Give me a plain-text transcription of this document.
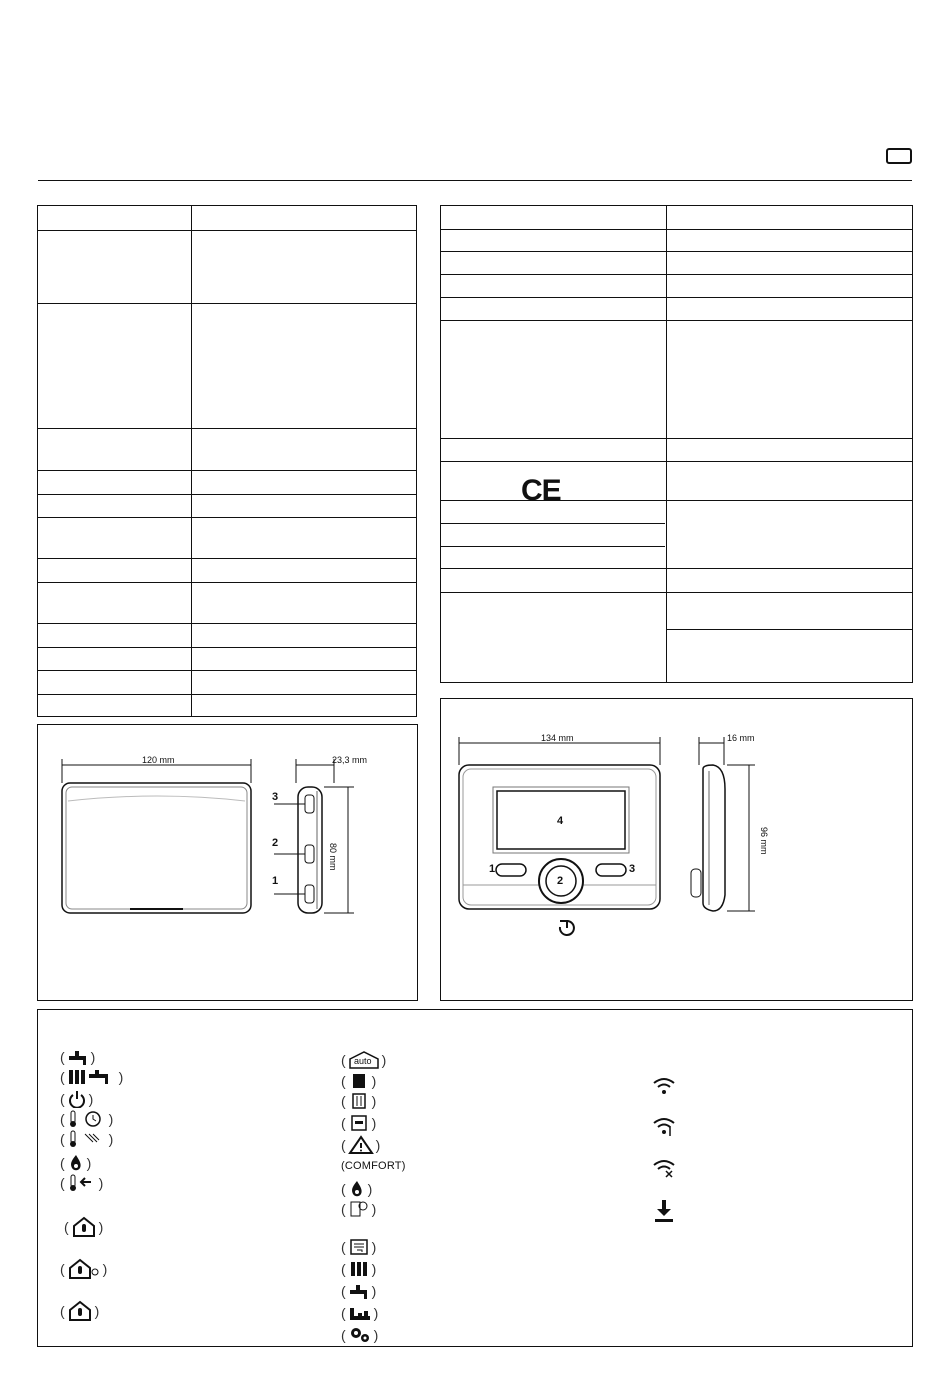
CE
120 mm	23,3 mm
80 mm
3
2
1
134 mm	16 mm
96 mm
4
1
2
3
( )
(	)
( )
(	)
(	)
( )
( )
( )
(	)
( )
(	)
auto
( )
( )
( )
( )
(COMFORT)
( )
( )
( )
( )
( )
( )
( )
